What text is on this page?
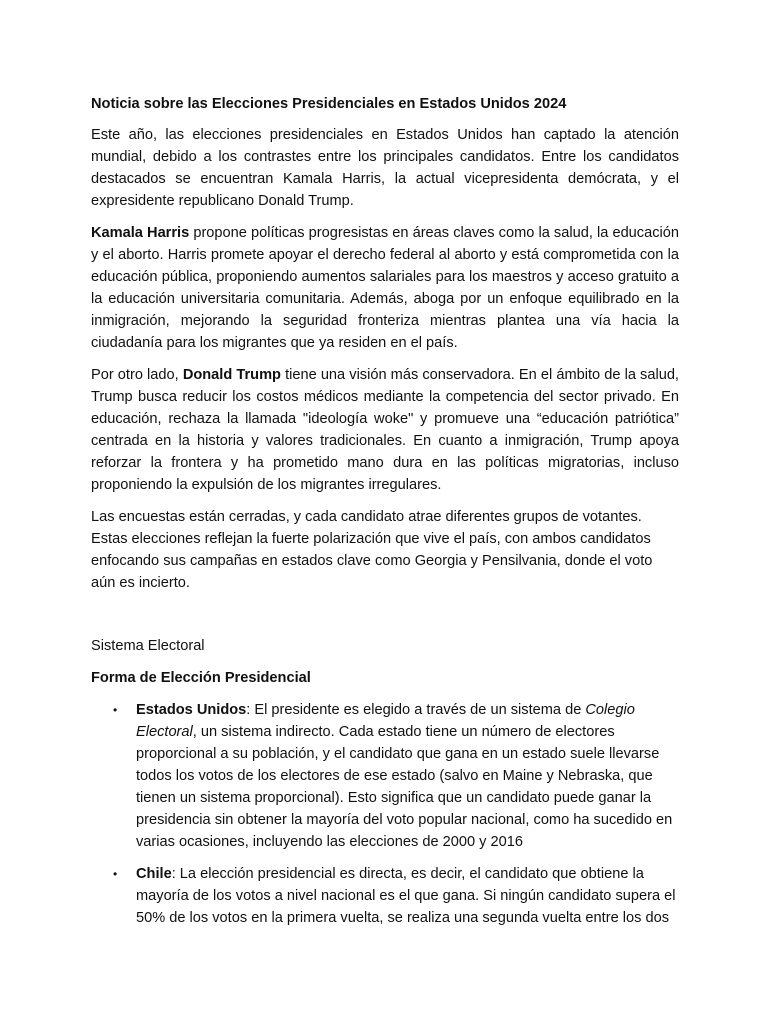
Noticia sobre las Elecciones Presidenciales en Estados Unidos 2024

Este año, las elecciones presidenciales en Estados Unidos han captado la atención mundial, debido a los contrastes entre los principales candidatos. Entre los candidatos destacados se encuentran Kamala Harris, la actual vicepresidenta demócrata, y el expresidente republicano Donald Trump.

Kamala Harris propone políticas progresistas en áreas claves como la salud, la educación y el aborto. Harris promete apoyar el derecho federal al aborto y está comprometida con la educación pública, proponiendo aumentos salariales para los maestros y acceso gratuito a la educación universitaria comunitaria. Además, aboga por un enfoque equilibrado en la inmigración, mejorando la seguridad fronteriza mientras plantea una vía hacia la ciudadanía para los migrantes que ya residen en el país.

Por otro lado, Donald Trump tiene una visión más conservadora. En el ámbito de la salud, Trump busca reducir los costos médicos mediante la competencia del sector privado. En educación, rechaza la llamada "ideología woke" y promueve una “educación patriótica” centrada en la historia y valores tradicionales. En cuanto a inmigración, Trump apoya reforzar la frontera y ha prometido mano dura en las políticas migratorias, incluso proponiendo la expulsión de los migrantes irregulares.

Las encuestas están cerradas, y cada candidato atrae diferentes grupos de votantes. Estas elecciones reflejan la fuerte polarización que vive el país, con ambos candidatos enfocando sus campañas en estados clave como Georgia y Pensilvania, donde el voto aún es incierto.

Sistema Electoral

Forma de Elección Presidencial

• Estados Unidos: El presidente es elegido a través de un sistema de Colegio Electoral, un sistema indirecto. Cada estado tiene un número de electores proporcional a su población, y el candidato que gana en un estado suele llevarse todos los votos de los electores de ese estado (salvo en Maine y Nebraska, que tienen un sistema proporcional). Esto significa que un candidato puede ganar la presidencia sin obtener la mayoría del voto popular nacional, como ha sucedido en varias ocasiones, incluyendo las elecciones de 2000 y 2016
• Chile: La elección presidencial es directa, es decir, el candidato que obtiene la mayoría de los votos a nivel nacional es el que gana. Si ningún candidato supera el 50% de los votos en la primera vuelta, se realiza una segunda vuelta entre los dos
